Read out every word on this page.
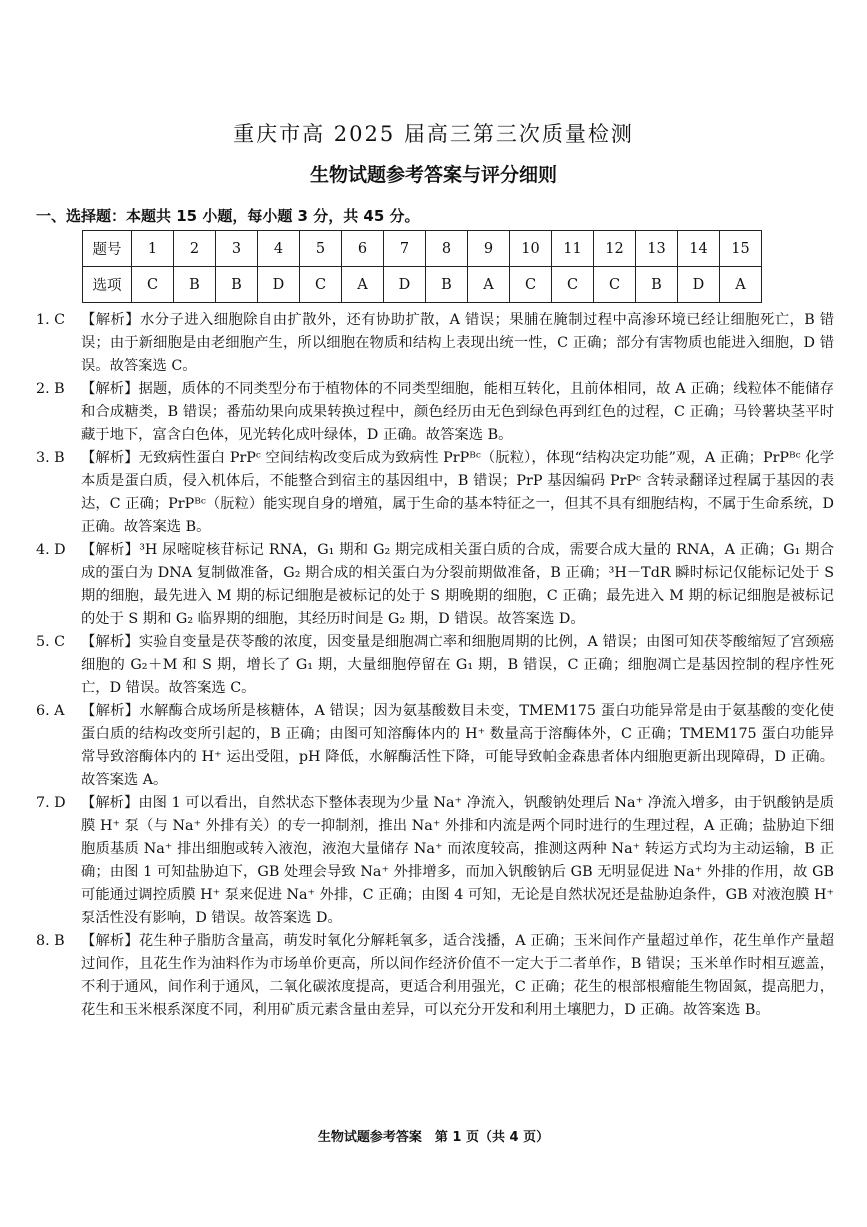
重庆市高 2025 届高三第三次质量检测
生物试题参考答案与评分细则
一、选择题：本题共 15 小题，每小题 3 分，共 45 分。
题号	1	2	3	4	5	6	7	8	9	10	11	12	13	14	15
选项	C	B	B	D	C	A	D	B	A	C	C	C	B	D	A
1. C	【解析】水分子进入细胞除自由扩散外，还有协助扩散，A 错误；果脯在腌制过程中高渗环境已经让细胞死亡，B 错误；由于新细胞是由老细胞产生，所以细胞在物质和结构上表现出统一性，C 正确；部分有害物质也能进入细胞，D 错误。故答案选 C。
2. B	【解析】据题，质体的不同类型分布于植物体的不同类型细胞，能相互转化，且前体相同，故 A 正确；线粒体不能储存和合成糖类，B 错误；番茄幼果向成果转换过程中，颜色经历由无色到绿色再到红色的过程，C 正确；马铃薯块茎平时藏于地下，富含白色体，见光转化成叶绿体，D 正确。故答案选 B。
3. B	【解析】无致病性蛋白 PrPᶜ 空间结构改变后成为致病性 PrPᴮᶜ（朊粒），体现“结构决定功能”观，A 正确；PrPᴮᶜ 化学本质是蛋白质，侵入机体后，不能整合到宿主的基因组中，B 错误；PrP 基因编码 PrPᶜ 含转录翻译过程属于基因的表达，C 正确；PrPᴮᶜ（朊粒）能实现自身的增殖，属于生命的基本特征之一，但其不具有细胞结构，不属于生命系统，D 正确。故答案选 B。
4. D	【解析】³H 尿嘧啶核苷标记 RNA，G₁ 期和 G₂ 期完成相关蛋白质的合成，需要合成大量的 RNA，A 正确；G₁ 期合成的蛋白为 DNA 复制做准备，G₂ 期合成的相关蛋白为分裂前期做准备，B 正确；³H－TdR 瞬时标记仅能标记处于 S 期的细胞，最先进入 M 期的标记细胞是被标记的处于 S 期晚期的细胞，C 正确；最先进入 M 期的标记细胞是被标记的处于 S 期和 G₂ 临界期的细胞，其经历时间是 G₂ 期，D 错误。故答案选 D。
5. C	【解析】实验自变量是茯苓酸的浓度，因变量是细胞凋亡率和细胞周期的比例，A 错误；由图可知茯苓酸缩短了宫颈癌细胞的 G₂＋M 和 S 期，增长了 G₁ 期，大量细胞停留在 G₁ 期，B 错误，C 正确；细胞凋亡是基因控制的程序性死亡，D 错误。故答案选 C。
6. A	【解析】水解酶合成场所是核糖体，A 错误；因为氨基酸数目未变，TMEM175 蛋白功能异常是由于氨基酸的变化使蛋白质的结构改变所引起的，B 正确；由图可知溶酶体内的 H⁺ 数量高于溶酶体外，C 正确；TMEM175 蛋白功能异常导致溶酶体内的 H⁺ 运出受阻，pH 降低，水解酶活性下降，可能导致帕金森患者体内细胞更新出现障碍，D 正确。故答案选 A。
7. D	【解析】由图 1 可以看出，自然状态下整体表现为少量 Na⁺ 净流入，钒酸钠处理后 Na⁺ 净流入增多，由于钒酸钠是质膜 H⁺ 泵（与 Na⁺ 外排有关）的专一抑制剂，推出 Na⁺ 外排和内流是两个同时进行的生理过程，A 正确；盐胁迫下细胞质基质 Na⁺ 排出细胞或转入液泡，液泡大量储存 Na⁺ 而浓度较高，推测这两种 Na⁺ 转运方式均为主动运输，B 正确；由图 1 可知盐胁迫下，GB 处理会导致 Na⁺ 外排增多，而加入钒酸钠后 GB 无明显促进 Na⁺ 外排的作用，故 GB 可能通过调控质膜 H⁺ 泵来促进 Na⁺ 外排，C 正确；由图 4 可知，无论是自然状况还是盐胁迫条件，GB 对液泡膜 H⁺ 泵活性没有影响，D 错误。故答案选 D。
8. B	【解析】花生种子脂肪含量高，萌发时氧化分解耗氧多，适合浅播，A 正确；玉米间作产量超过单作，花生单作产量超过间作，且花生作为油料作为市场单价更高，所以间作经济价值不一定大于二者单作，B 错误；玉米单作时相互遮盖，不利于通风，间作利于通风，二氧化碳浓度提高，更适合利用强光，C 正确；花生的根部根瘤能生物固氮，提高肥力，花生和玉米根系深度不同，利用矿质元素含量由差异，可以充分开发和利用土壤肥力，D 正确。故答案选 B。
生物试题参考答案　第 1 页（共 4 页）
